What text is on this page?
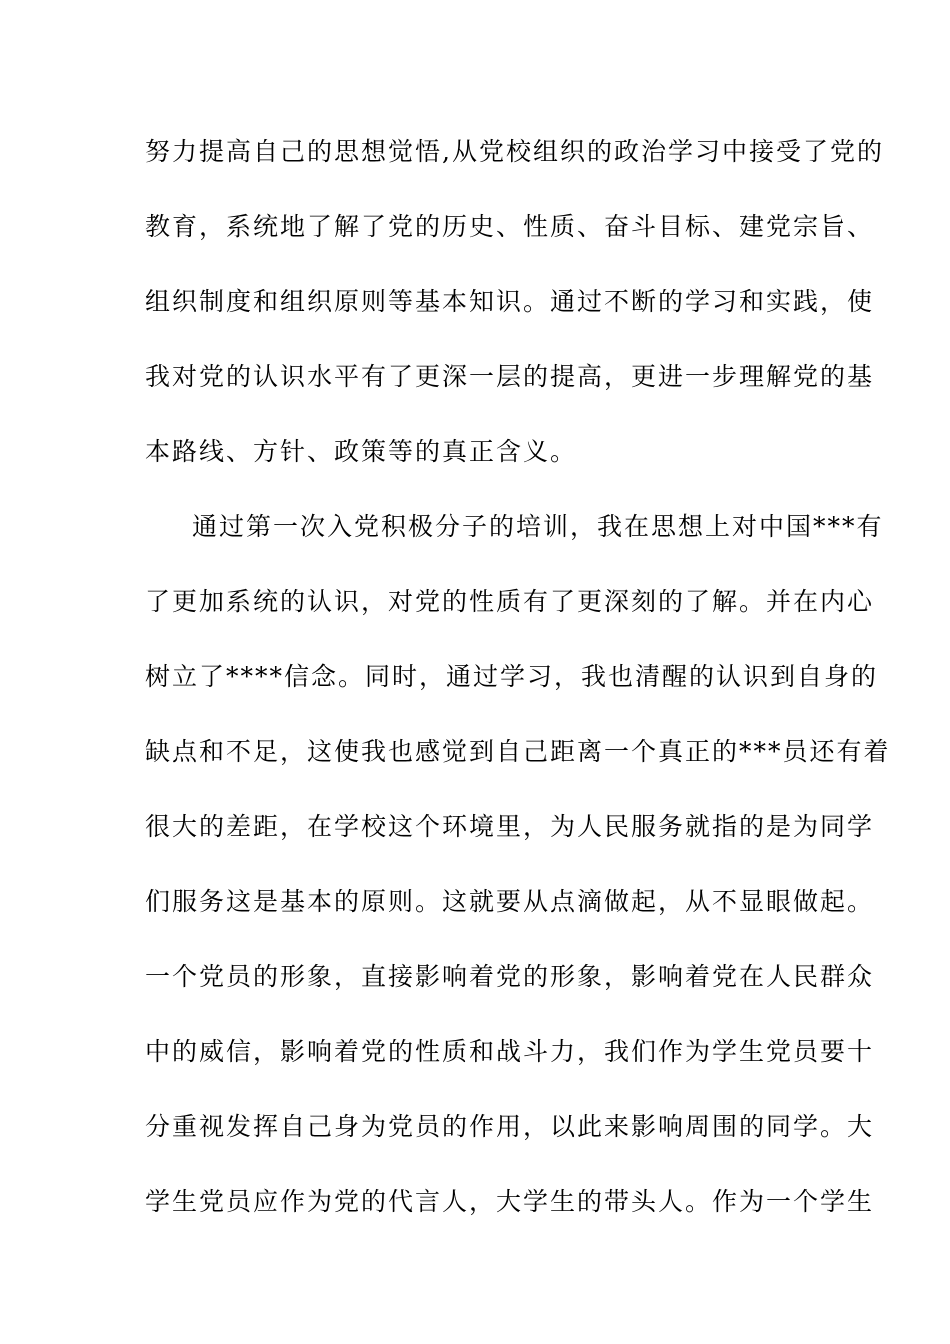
努力提高自己的思想觉悟,从党校组织的政治学习中接受了党的
教育，系统地了解了党的历史、性质、奋斗目标、建党宗旨、
组织制度和组织原则等基本知识。通过不断的学习和实践，使
我对党的认识水平有了更深一层的提高，更进一步理解党的基
本路线、方针、政策等的真正含义。
通过第一次入党积极分子的培训，我在思想上对中国***有
了更加系统的认识，对党的性质有了更深刻的了解。并在内心
树立了****信念。同时，通过学习，我也清醒的认识到自身的
缺点和不足，这使我也感觉到自己距离一个真正的***员还有着
很大的差距，在学校这个环境里，为人民服务就指的是为同学
们服务这是基本的原则。这就要从点滴做起，从不显眼做起。
一个党员的形象，直接影响着党的形象，影响着党在人民群众
中的威信，影响着党的性质和战斗力，我们作为学生党员要十
分重视发挥自己身为党员的作用，以此来影响周围的同学。大
学生党员应作为党的代言人，大学生的带头人。作为一个学生
